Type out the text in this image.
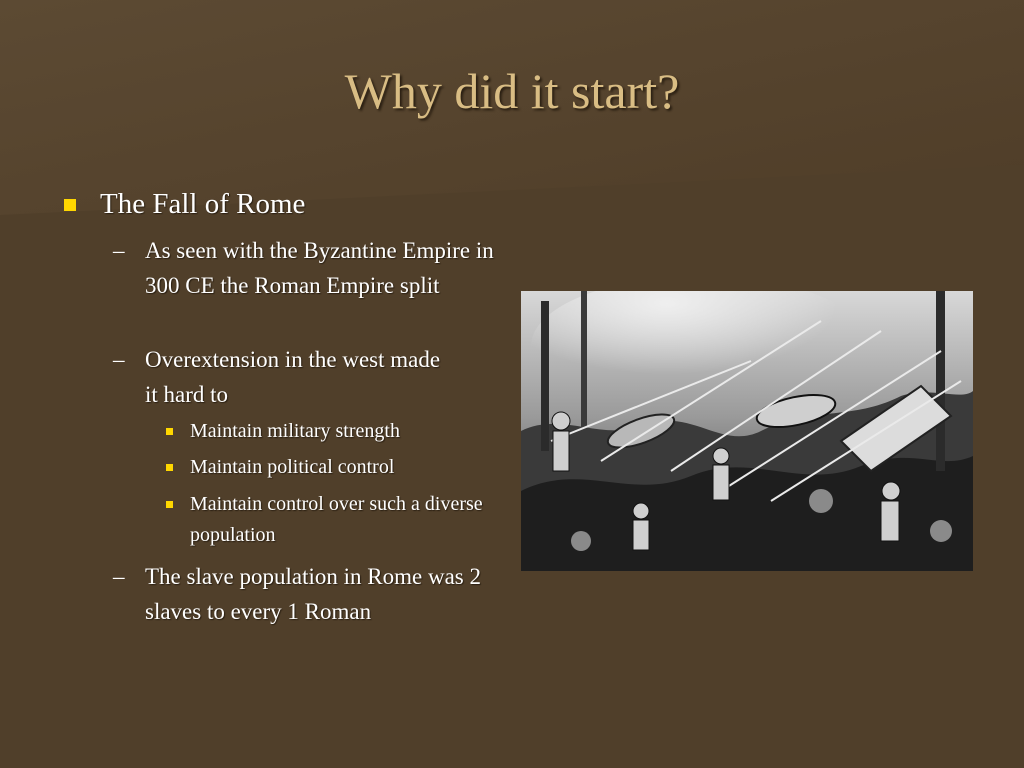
Why did it start?
The Fall of Rome
– As seen with the Byzantine Empire in 300 CE the Roman Empire split
– Overextension in the west made it hard to
Maintain military strength
Maintain political control
Maintain control over such a diverse population
– The slave population in Rome was 2 slaves to every 1 Roman
